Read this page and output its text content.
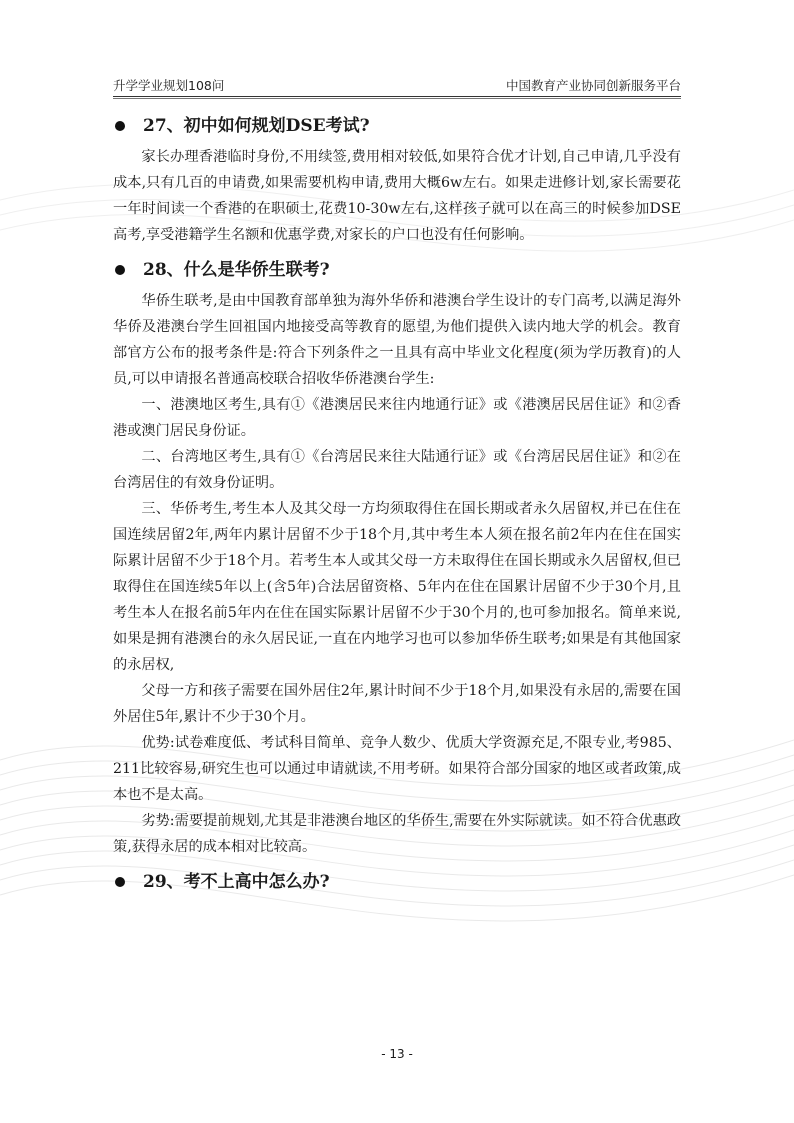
升学学业规划108问	中国教育产业协同创新服务平台
27、初中如何规划DSE考试?

家长办理香港临时身份,不用续签,费用相对较低,如果符合优才计划,自己申请,几乎没有成本,只有几百的申请费,如果需要机构申请,费用大概6w左右。如果走进修计划,家长需要花一年时间读一个香港的在职硕士,花费10-30w左右,这样孩子就可以在高三的时候参加DSE高考,享受港籍学生名额和优惠学费,对家长的户口也没有任何影响。

28、什么是华侨生联考?

华侨生联考,是由中国教育部单独为海外华侨和港澳台学生设计的专门高考,以满足海外华侨及港澳台学生回祖国内地接受高等教育的愿望,为他们提供入读内地大学的机会。教育部官方公布的报考条件是:符合下列条件之一且具有高中毕业文化程度(须为学历教育)的人员,可以申请报名普通高校联合招收华侨港澳台学生:

一、港澳地区考生,具有①《港澳居民来往内地通行证》或《港澳居民居住证》和②香港或澳门居民身份证。

二、台湾地区考生,具有①《台湾居民来往大陆通行证》或《台湾居民居住证》和②在台湾居住的有效身份证明。

三、华侨考生,考生本人及其父母一方均须取得住在国长期或者永久居留权,并已在住在国连续居留2年,两年内累计居留不少于18个月,其中考生本人须在报名前2年内在住在国实际累计居留不少于18个月。若考生本人或其父母一方未取得住在国长期或永久居留权,但已取得住在国连续5年以上(含5年)合法居留资格、5年内在住在国累计居留不少于30个月,且考生本人在报名前5年内在住在国实际累计居留不少于30个月的,也可参加报名。简单来说,如果是拥有港澳台的永久居民证,一直在内地学习也可以参加华侨生联考;如果是有其他国家的永居权,

父母一方和孩子需要在国外居住2年,累计时间不少于18个月,如果没有永居的,需要在国外居住5年,累计不少于30个月。

优势:试卷难度低、考试科目简单、竞争人数少、优质大学资源充足,不限专业,考985、211比较容易,研究生也可以通过申请就读,不用考研。如果符合部分国家的地区或者政策,成本也不是太高。

劣势:需要提前规划,尤其是非港澳台地区的华侨生,需要在外实际就读。如不符合优惠政策,获得永居的成本相对比较高。

29、考不上高中怎么办?
- 13 -
